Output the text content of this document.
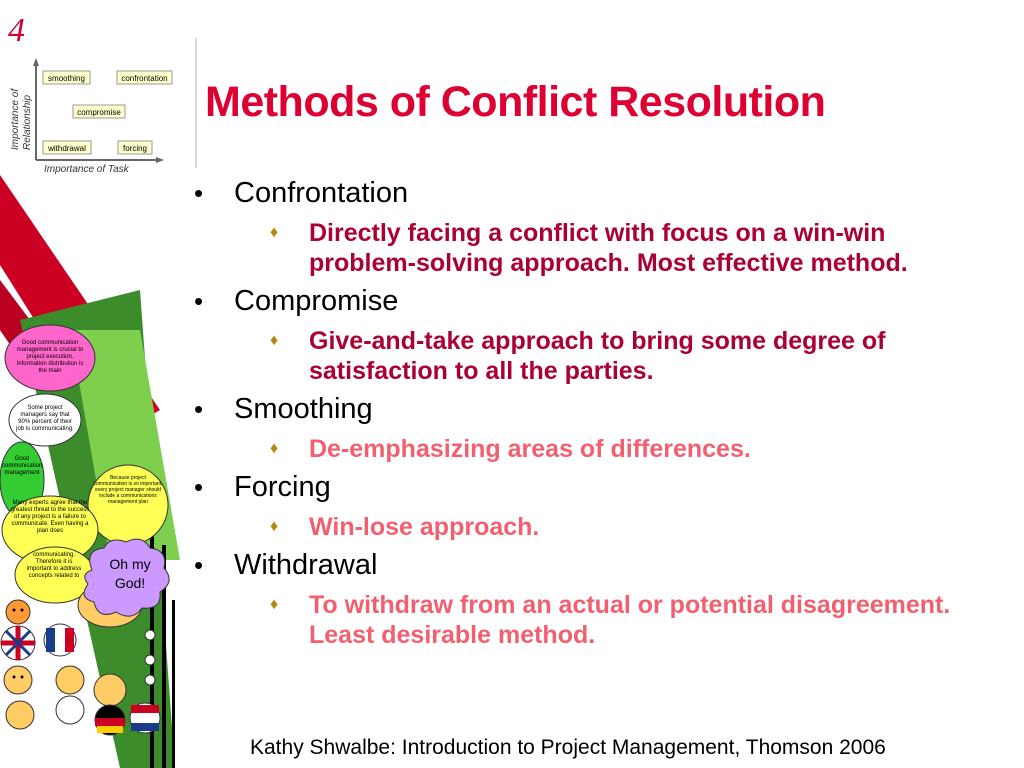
4
Importance of Relationship
Importance of Task
smoothing	confrontation
compromise
withdrawal	forcing
Good communication management is crucial to project execution. Information distribution is the main
Some project managers say that 90% percent of their job is communicating.
Good communication management
Because project communication is so important, every project manager should include a communications management plan
Many experts agree that the greatest threat to the success of any project is a failure to communicate. Even having a plan does
communicating. Therefore it is important to address concepts related to
Oh my God!
Methods of Conflict Resolution
• Confrontation
♦ Directly facing a conflict with focus on a win-win problem-solving approach. Most effective method.
• Compromise
♦ Give-and-take approach to bring some degree of satisfaction to all the parties.
• Smoothing
♦ De-emphasizing areas of differences.
• Forcing
♦ Win-lose approach.
• Withdrawal
♦ To withdraw from an actual or potential disagreement. Least desirable method.
Kathy Shwalbe: Introduction to Project Management, Thomson 2006
